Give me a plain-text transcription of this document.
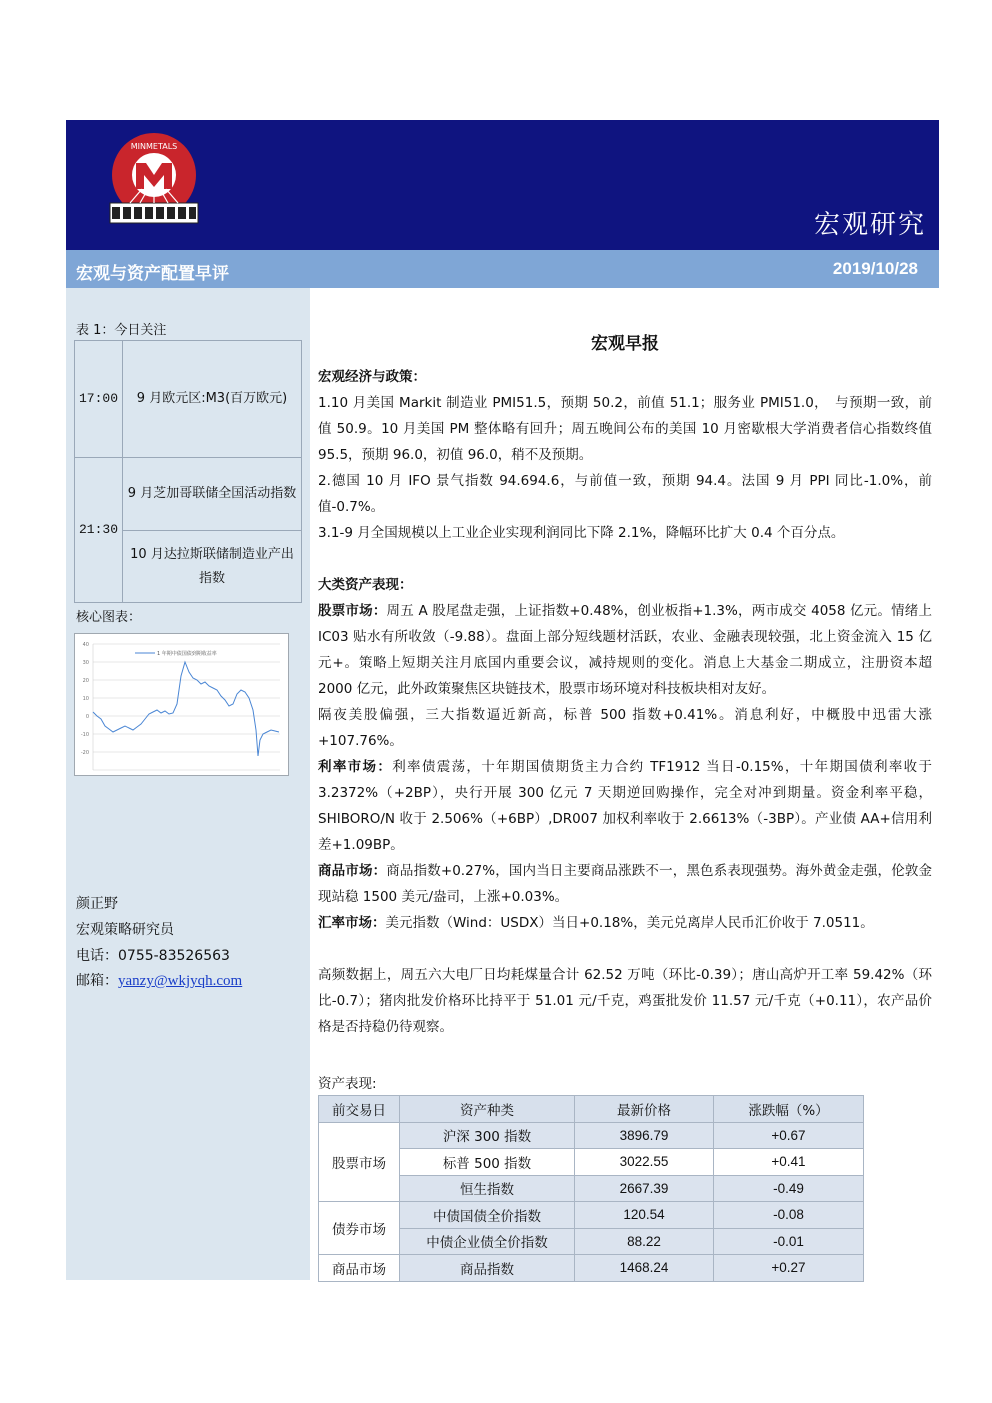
MINMETALS
宏观研究
宏观与资产配置早评	2019/10/28
表 1：今日关注
17:00	9 月欧元区:M3(百万欧元)
21:30	9 月芝加哥联储全国活动指数
	10 月达拉斯联储制造业产出指数
核心图表：
40
30
20
10
0
-10
-20
1 年期中债国债到期收益率
颜正野
宏观策略研究员
电话：0755-83526563
邮箱：yanzy@wkjyqh.com
宏观早报

宏观经济与政策：

1.10 月美国 Markit 制造业 PMI51.5，预期 50.2，前值 51.1；服务业 PMI51.0，　与预期一致，前值 50.9。10 月美国 PM 整体略有回升；周五晚间公布的美国 10 月密歇根大学消费者信心指数终值 95.5，预期 96.0，初值 96.0，稍不及预期。

2.德国 10 月 IFO 景气指数 94.694.6，与前值一致，预期 94.4。法国 9 月 PPI 同比-1.0%，前值-0.7%。

3.1-9 月全国规模以上工业企业实现利润同比下降 2.1%，降幅环比扩大 0.4 个百分点。

大类资产表现：

股票市场：周五 A 股尾盘走强，上证指数+0.48%，创业板指+1.3%，两市成交 4058 亿元。情绪上 IC03 贴水有所收敛（-9.88）。盘面上部分短线题材活跃，农业、金融表现较强，北上资金流入 15 亿元+。策略上短期关注月底国内重要会议，减持规则的变化。消息上大基金二期成立，注册资本超 2000 亿元，此外政策聚焦区块链技术，股票市场环境对科技板块相对友好。

隔夜美股偏强，三大指数逼近新高，标普 500 指数+0.41%。消息利好，中概股中迅雷大涨+107.76%。

利率市场：利率债震荡，十年期国债期货主力合约 TF1912 当日-0.15%，十年期国债利率收于3.2372%（+2BP），央行开展 300 亿元 7 天期逆回购操作，完全对冲到期量。资金利率平稳，SHIBORO/N 收于 2.506%（+6BP）,DR007 加权利率收于 2.6613%（-3BP）。产业债 AA+信用利差+1.09BP。

商品市场：商品指数+0.27%，国内当日主要商品涨跌不一，黑色系表现强势。海外黄金走强，伦敦金现站稳 1500 美元/盎司，上涨+0.03%。

汇率市场：美元指数（Wind：USDX）当日+0.18%，美元兑离岸人民币汇价收于 7.0511。

高频数据上，周五六大电厂日均耗煤量合计 62.52 万吨（环比-0.39）；唐山高炉开工率 59.42%（环比-0.7）；猪肉批发价格环比持平于 51.01 元/千克，鸡蛋批发价 11.57 元/千克（+0.11），农产品价格是否持稳仍待观察。

资产表现:
前交易日	资产种类	最新价格	涨跌幅（%）
股票市场	沪深 300 指数	3896.79	+0.67
	标普 500 指数	3022.55	+0.41
	恒生指数	2667.39	-0.49
债券市场	中债国债全价指数	120.54	-0.08
	中债企业债全价指数	88.22	-0.01
商品市场	商品指数	1468.24	+0.27
